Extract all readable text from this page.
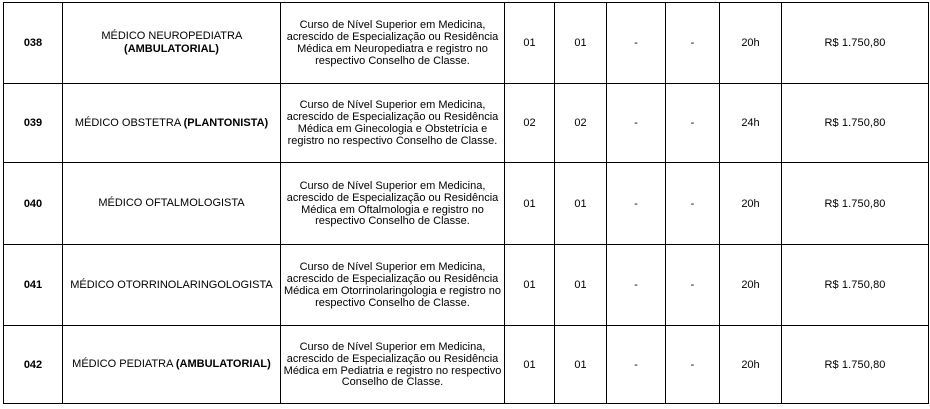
038	MÉDICO NEUROPEDIATRA (AMBULATORIAL)	Curso de Nível Superior em Medicina, acrescido de Especialização ou Residência Médica em Neuropediatra e registro no respectivo Conselho de Classe.	01	01	-	-	20h	R$ 1.750,80
039	MÉDICO OBSTETRA (PLANTONISTA)	Curso de Nível Superior em Medicina, acrescido de Especialização ou Residência Médica em Ginecologia e Obstetrícia e registro no respectivo Conselho de Classe.	02	02	-	-	24h	R$ 1.750,80
040	MÉDICO OFTALMOLOGISTA	Curso de Nível Superior em Medicina, acrescido de Especialização ou Residência Médica em Oftalmologia e registro no respectivo Conselho de Classe.	01	01	-	-	20h	R$ 1.750,80
041	MÉDICO OTORRINOLARINGOLOGISTA	Curso de Nível Superior em Medicina, acrescido de Especialização ou Residência Médica em Otorrinolaringologia e registro no respectivo Conselho de Classe.	01	01	-	-	20h	R$ 1.750,80
042	MÉDICO PEDIATRA (AMBULATORIAL)	Curso de Nível Superior em Medicina, acrescido de Especialização ou Residência Médica em Pediatria e registro no respectivo Conselho de Classe.	01	01	-	-	20h	R$ 1.750,80
